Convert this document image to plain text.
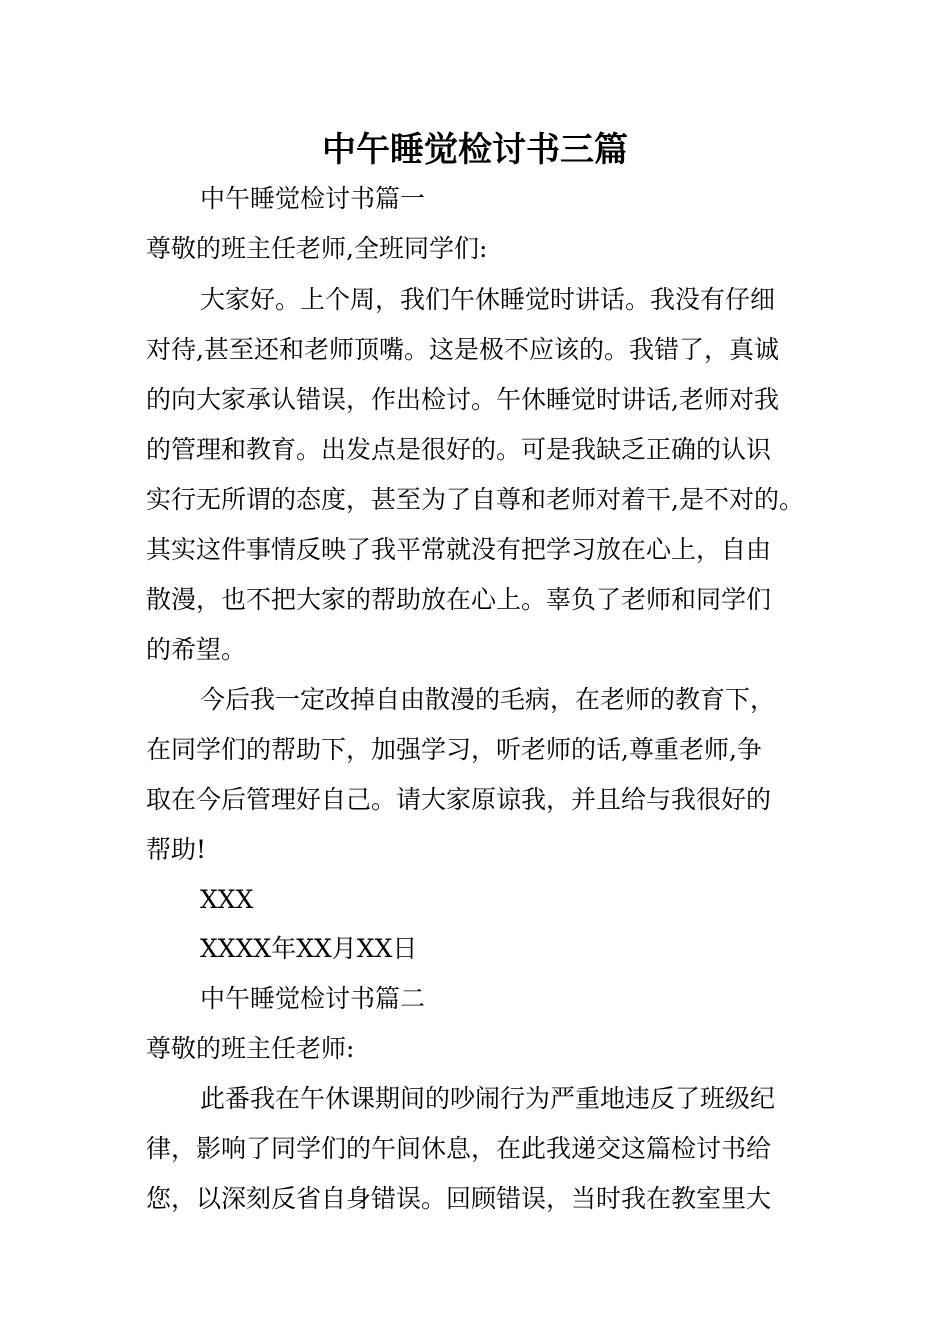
中午睡觉检讨书三篇

中午睡觉检讨书篇一

尊敬的班主任老师,全班同学们:

大家好。上个周，我们午休睡觉时讲话。我没有仔细

对待,甚至还和老师顶嘴。这是极不应该的。我错了，真诚

的向大家承认错误，作出检讨。午休睡觉时讲话,老师对我

的管理和教育。出发点是很好的。可是我缺乏正确的认识

实行无所谓的态度，甚至为了自尊和老师对着干,是不对的。

其实这件事情反映了我平常就没有把学习放在心上，自由

散漫，也不把大家的帮助放在心上。辜负了老师和同学们

的希望。

今后我一定改掉自由散漫的毛病，在老师的教育下，

在同学们的帮助下，加强学习，听老师的话,尊重老师,争

取在今后管理好自己。请大家原谅我，并且给与我很好的

帮助!

XXX

XXXX年XX月XX日

中午睡觉检讨书篇二

尊敬的班主任老师:

此番我在午休课期间的吵闹行为严重地违反了班级纪

律，影响了同学们的午间休息，在此我递交这篇检讨书给

您，以深刻反省自身错误。回顾错误，当时我在教室里大
